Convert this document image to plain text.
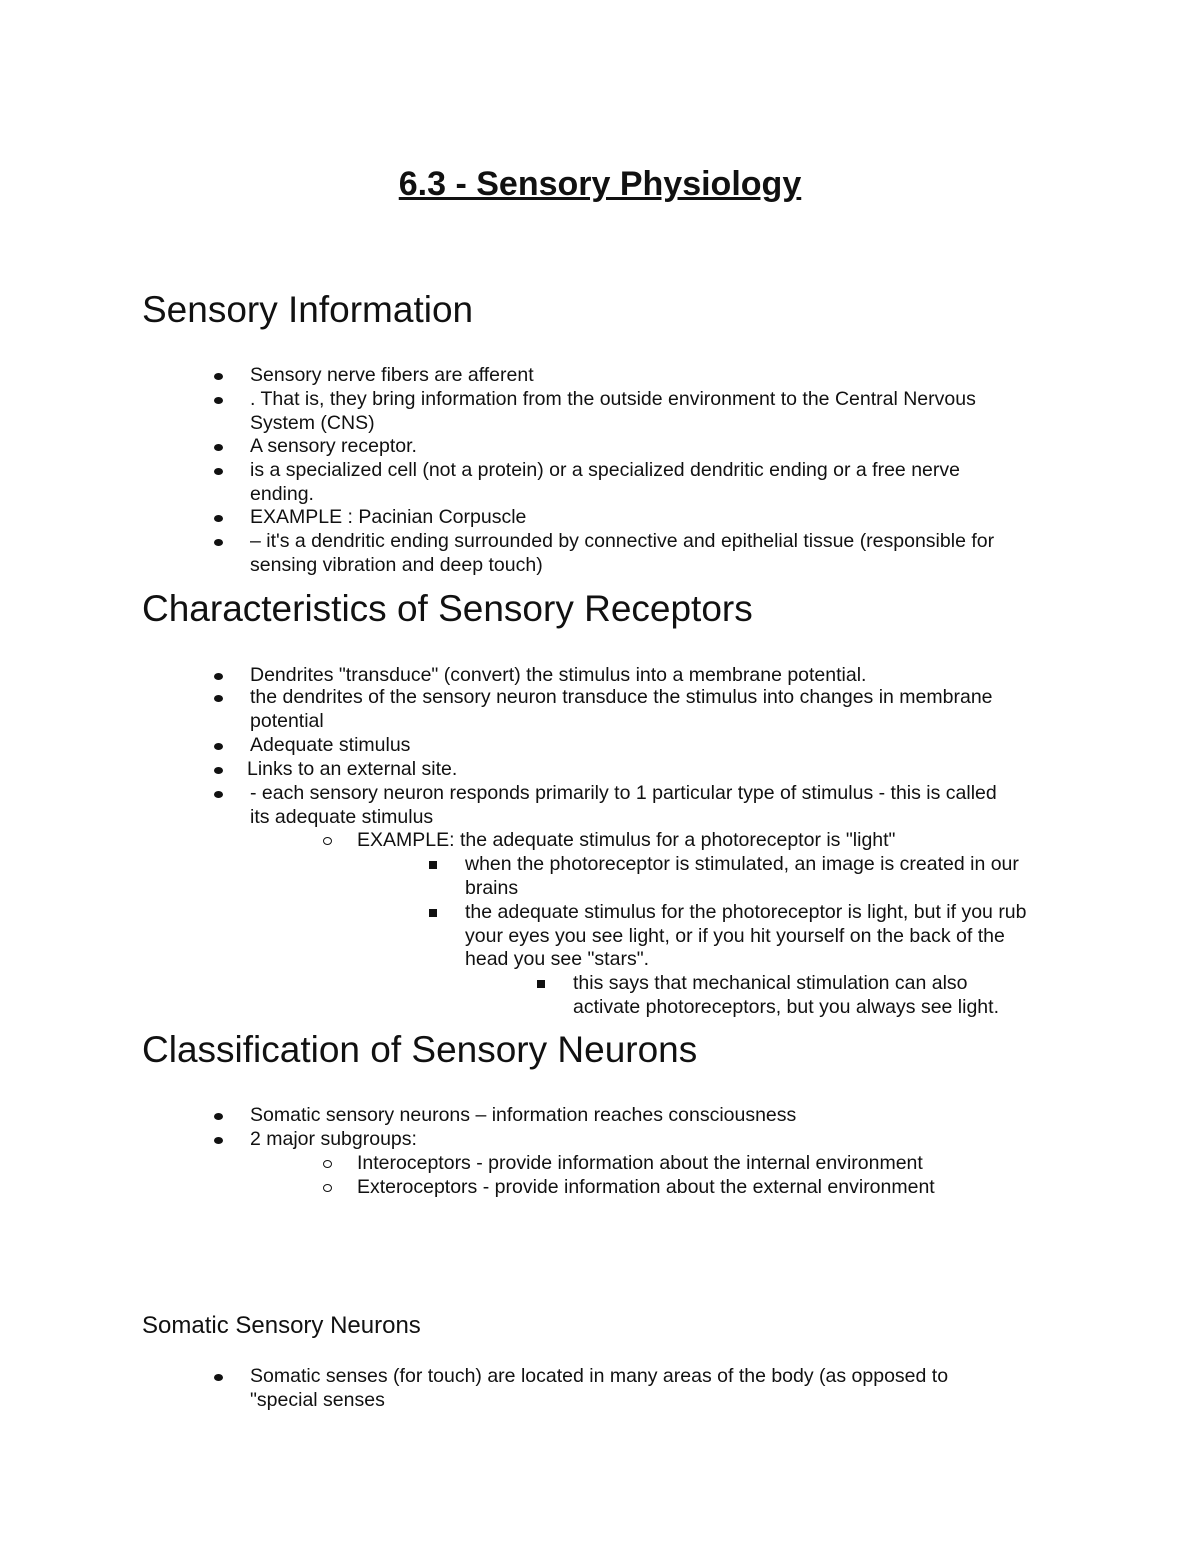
6.3 - Sensory Physiology
Sensory Information
Sensory nerve fibers are afferent
. That is, they bring information from the outside environment to the Central Nervous
System (CNS)
A sensory receptor.
is a specialized cell (not a protein) or a specialized dendritic ending or a free nerve
ending.
EXAMPLE : Pacinian Corpuscle
– it's a dendritic ending surrounded by connective and epithelial tissue (responsible for
sensing vibration and deep touch)
Characteristics of Sensory Receptors
Dendrites "transduce" (convert) the stimulus into a membrane potential.
the dendrites of the sensory neuron transduce the stimulus into changes in membrane
potential
Adequate stimulus
Links to an external site.
- each sensory neuron responds primarily to 1 particular type of stimulus - this is called
its adequate stimulus
EXAMPLE: the adequate stimulus for a photoreceptor is "light"
when the photoreceptor is stimulated, an image is created in our
brains
the adequate stimulus for the photoreceptor is light, but if you rub
your eyes you see light, or if you hit yourself on the back of the
head you see "stars".
this says that mechanical stimulation can also
activate photoreceptors, but you always see light.
Classification of Sensory Neurons
Somatic sensory neurons – information reaches consciousness
2 major subgroups:
Interoceptors - provide information about the internal environment
Exteroceptors - provide information about the external environment
Somatic Sensory Neurons
Somatic senses (for touch) are located in many areas of the body (as opposed to
"special senses
